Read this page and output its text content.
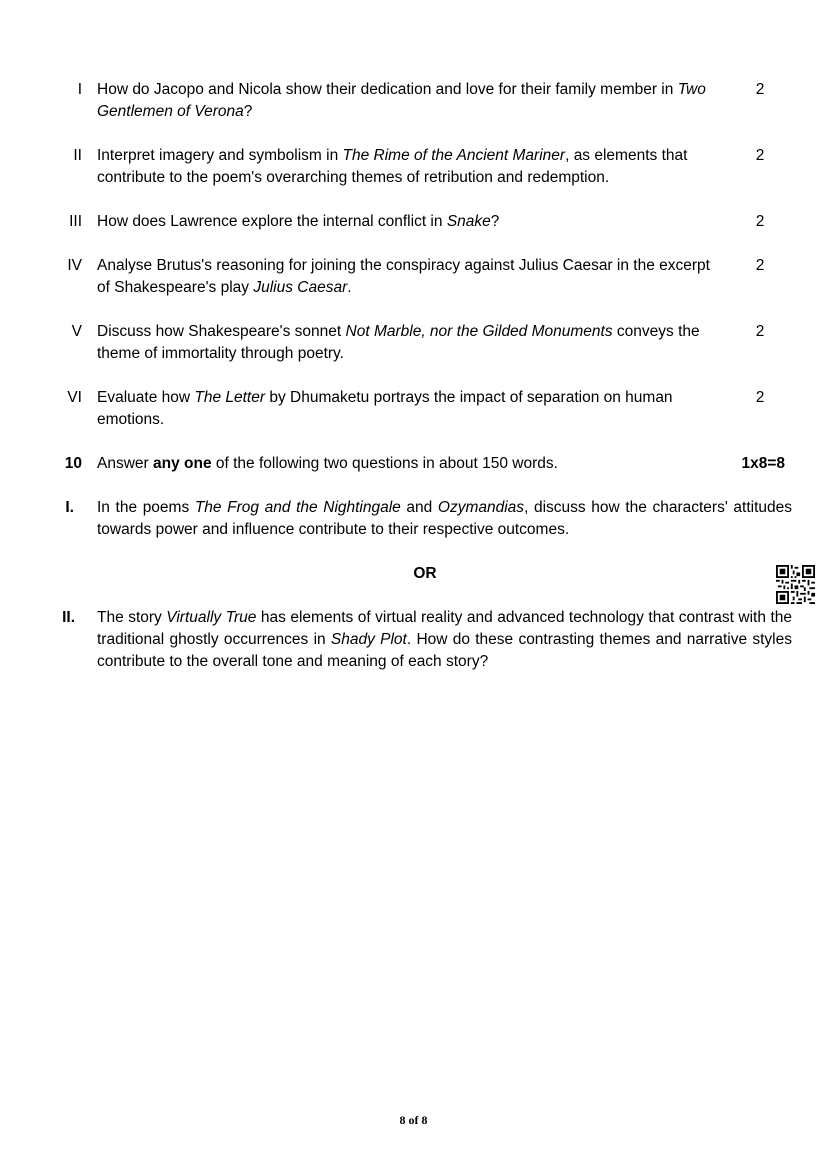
I How do Jacopo and Nicola show their dedication and love for their family member in Two Gentlemen of Verona?
2
II Interpret imagery and symbolism in The Rime of the Ancient Mariner, as elements that contribute to the poem's overarching themes of retribution and redemption.
2
III How does Lawrence explore the internal conflict in Snake?	2
IV Analyse Brutus's reasoning for joining the conspiracy against Julius Caesar in the excerpt of Shakespeare's play Julius Caesar.
2
V Discuss how Shakespeare's sonnet Not Marble, nor the Gilded Monuments conveys the theme of immortality through poetry.
2
VI Evaluate how The Letter by Dhumaketu portrays the impact of separation on human emotions.
2
10 Answer any one of the following two questions in about 150 words.	1x8=8
I. In the poems The Frog and the Nightingale and Ozymandias, discuss how the characters' attitudes towards power and influence contribute to their respective outcomes.
OR
II. The story Virtually True has elements of virtual reality and advanced technology that contrast with the traditional ghostly occurrences in Shady Plot. How do these contrasting themes and narrative styles contribute to the overall tone and meaning of each story?
8 of 8
